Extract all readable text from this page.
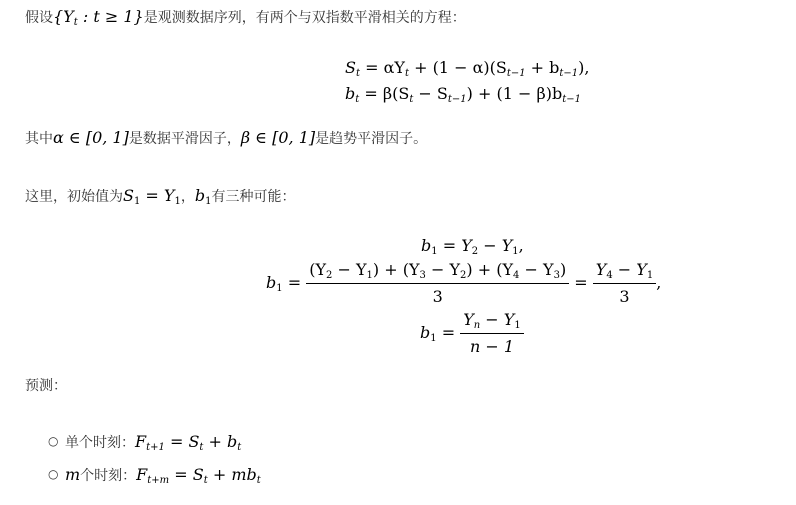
假设{$Y_t$ : t ≥ 1}是观测数据序列，有两个与双指数平滑相关的方程：
$S_t = \alpha Y_t + (1 - \alpha)(S_{t-1} + b_{t-1})$,
$b_t = \beta(S_t - S_{t-1}) + (1 - \beta)b_{t-1}$
其中α ∈ [0, 1]是数据平滑因子，β ∈ [0, 1]是趋势平滑因子。
这里，初始值为$S_1 = Y_1$，$b_1$有三种可能：
$b_1 = Y_2 - Y_1$,
$b_1 = \frac{(Y_2 - Y_1) + (Y_3 - Y_2) + (Y_4 - Y_3)}{3} = \frac{Y_4 - Y_1}{3}$ ,
$b_1 = \frac{Y_n - Y_1}{n - 1}$
预测：
○ 单个时刻：$F_{t+1} = S_t + b_t$
○ m个时刻：$F_{t+m} = S_t + mb_t$
